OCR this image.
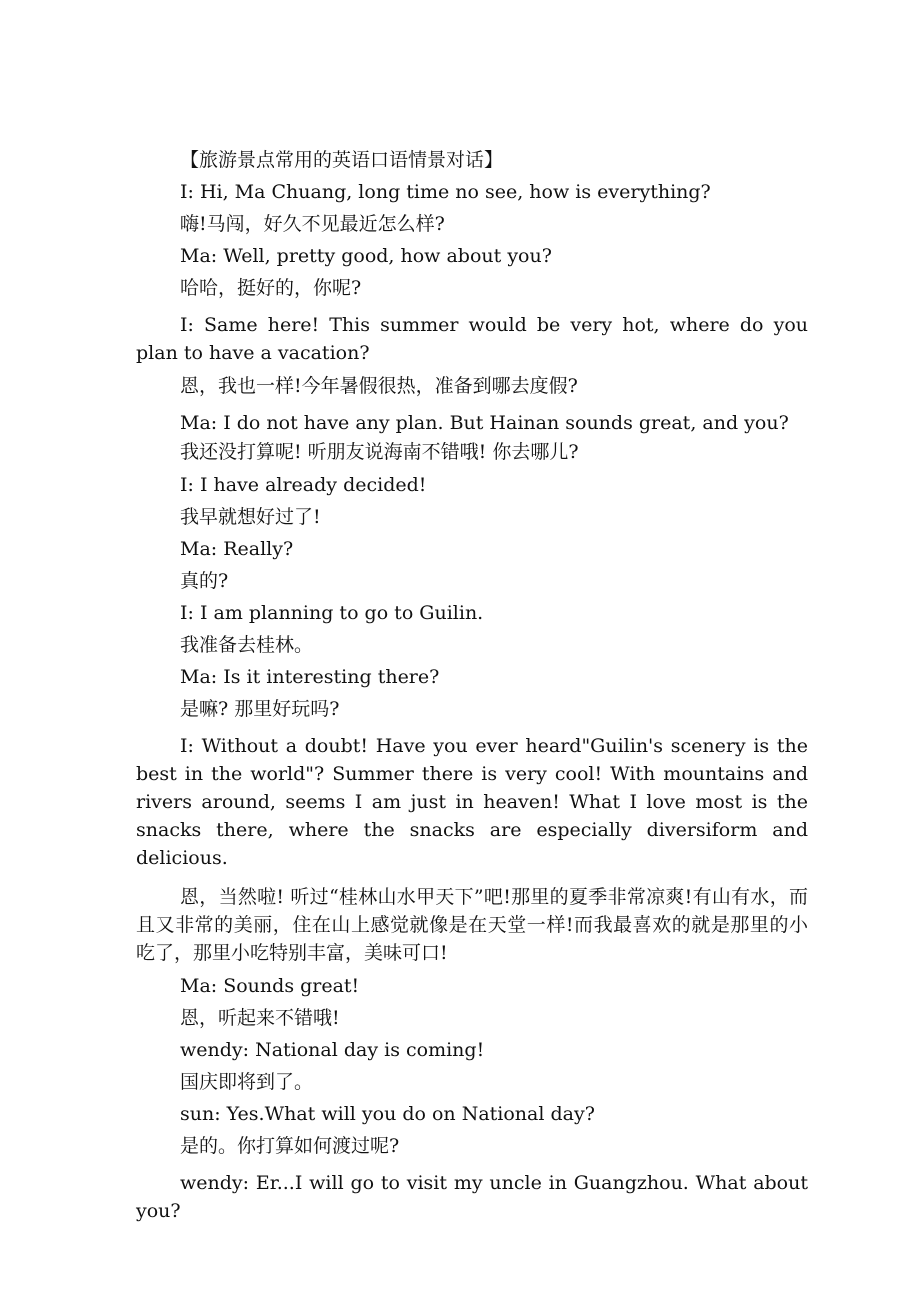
【旅游景点常用的英语口语情景对话】
I: Hi, Ma Chuang, long time no see, how is everything?
嗨!马闯，好久不见最近怎么样?
Ma: Well, pretty good, how about you?
哈哈，挺好的，你呢?
I: Same here! This summer would be very hot, where do you plan to have a vacation?
恩，我也一样!今年暑假很热，准备到哪去度假?
Ma: I do not have any plan. But Hainan sounds great, and you?
我还没打算呢! 听朋友说海南不错哦! 你去哪儿?
I: I have already decided!
我早就想好过了!
Ma: Really?
真的?
I: I am planning to go to Guilin.
我准备去桂林。
Ma: Is it interesting there?
是嘛? 那里好玩吗?
I: Without a doubt! Have you ever heard"Guilin's scenery is the best in the world"? Summer there is very cool! With mountains and rivers around, seems I am just in heaven! What I love most is the snacks there, where the snacks are especially diversiform and delicious.
恩，当然啦! 听过“桂林山水甲天下”吧!那里的夏季非常凉爽!有山有水，而且又非常的美丽，住在山上感觉就像是在天堂一样!而我最喜欢的就是那里的小吃了，那里小吃特别丰富，美味可口!
Ma: Sounds great!
恩，听起来不错哦!
wendy: National day is coming!
国庆即将到了。
sun: Yes.What will you do on National day?
是的。你打算如何渡过呢?
wendy: Er...I will go to visit my uncle in Guangzhou. What about you?
